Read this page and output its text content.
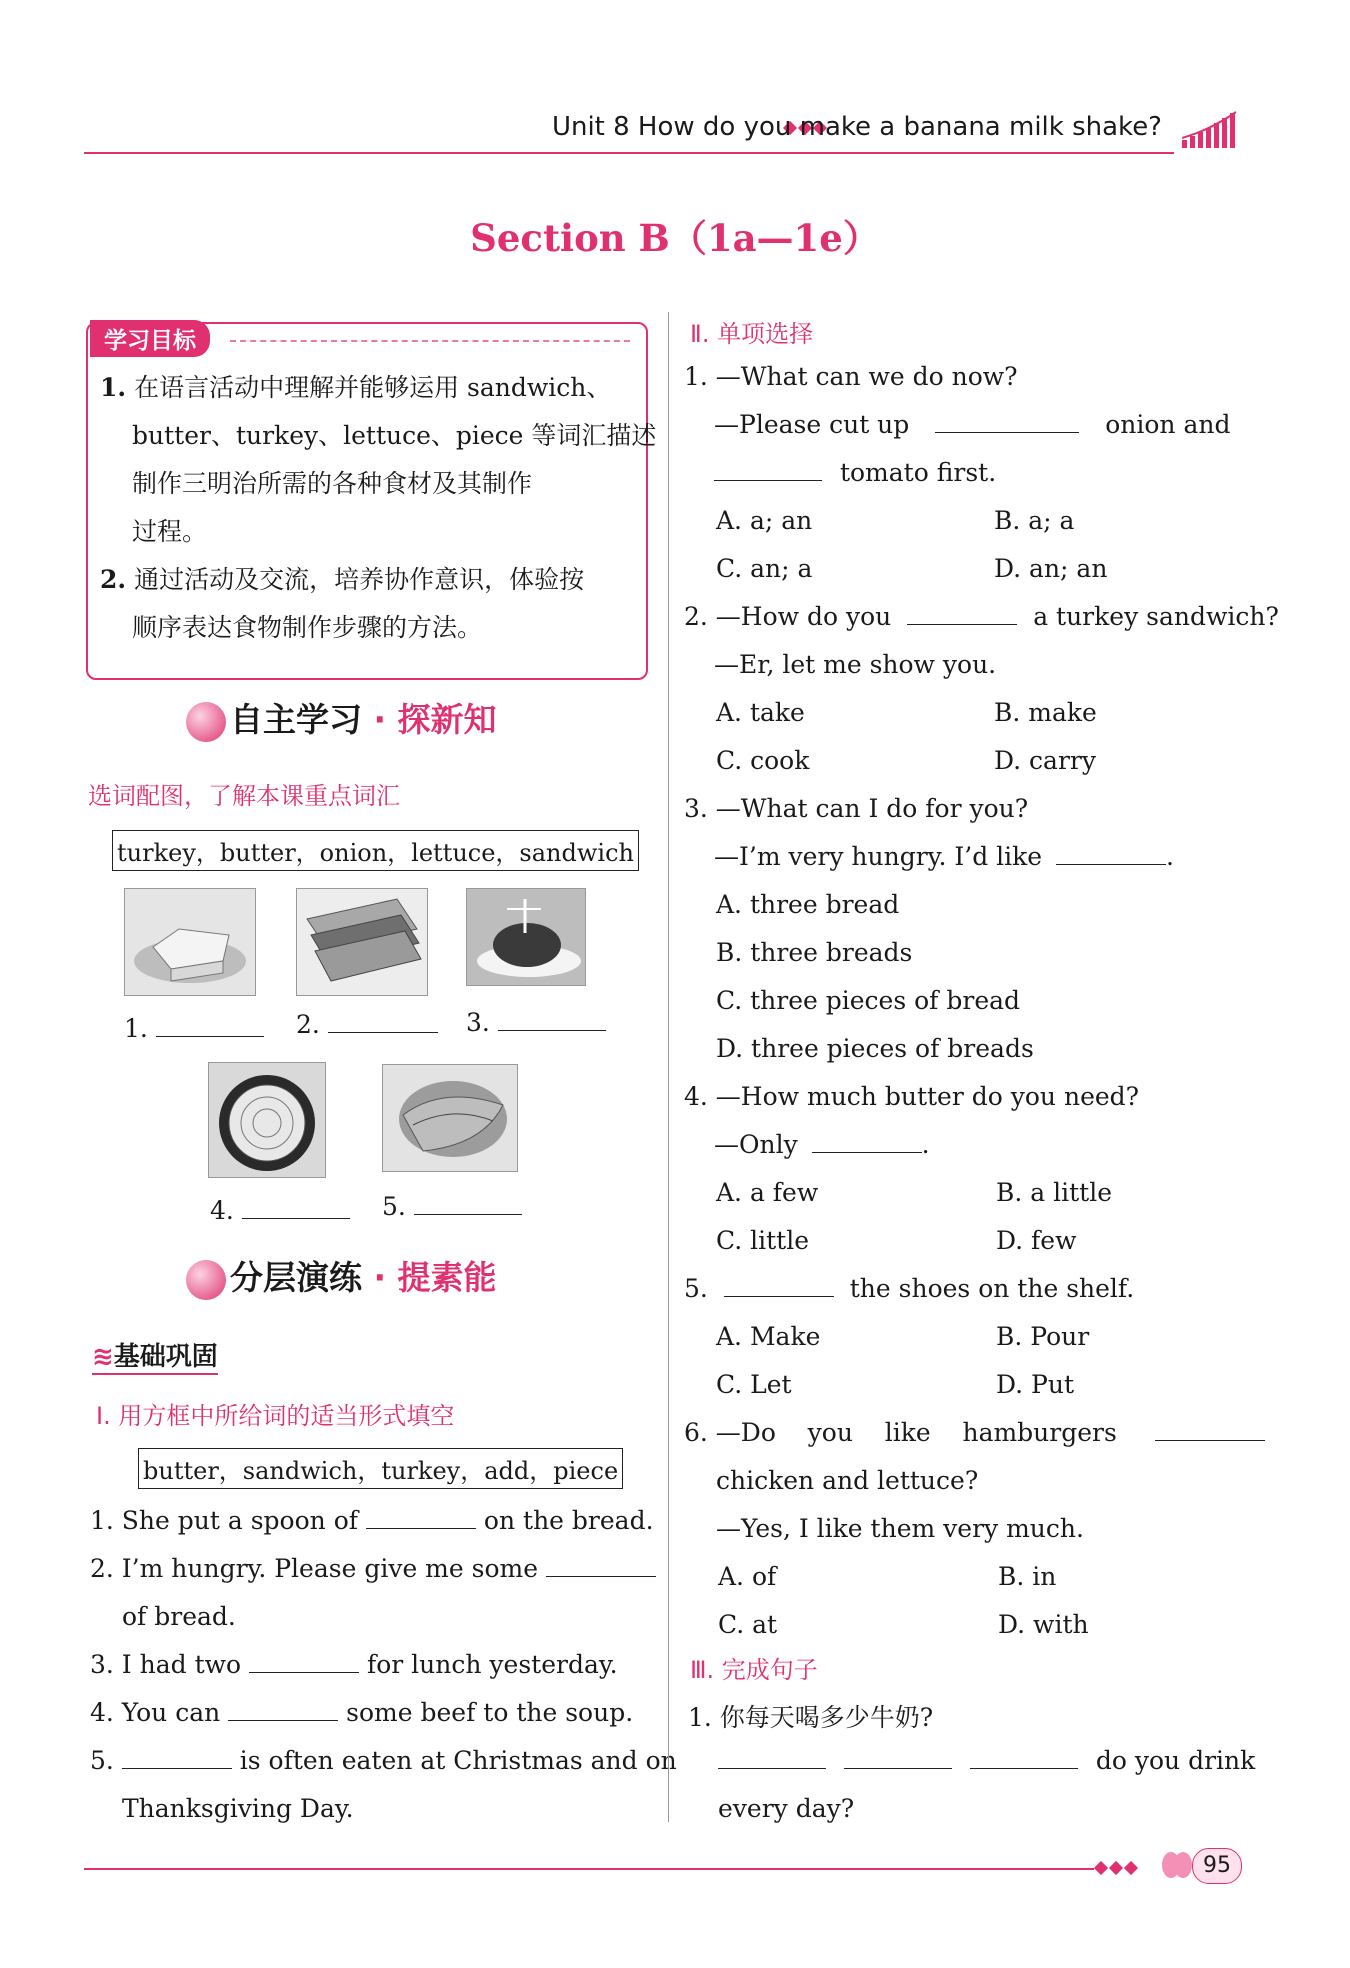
Unit 8 How do you make a banana milk shake?
Section B（1a—1e）
学习目标
1. 在语言活动中理解并能够运用 sandwich、
butter、turkey、lettuce、piece 等词汇描述
制作三明治所需的各种食材及其制作
过程。
2. 通过活动及交流，培养协作意识，体验按
顺序表达食物制作步骤的方法。
自主学习 · 探新知
选词配图，了解本课重点词汇
turkey，butter，onion，lettuce，sandwich
1.	2.	3.
4.	5.
分层演练 · 提素能
≋基础巩固
Ⅰ. 用方框中所给词的适当形式填空
butter，sandwich，turkey，add，piece
1. She put a spoon of	on the bread.
2. I’m hungry. Please give me some
of bread.
3. I had two	for lunch yesterday.
4. You can	some beef to the soup.
5.	is often eaten at Christmas and on
Thanksgiving Day.
Ⅱ. 单项选择
1. —What can we do now?
—Please cut up	onion and
tomato first.
A. a; an	B. a; a
C. an; a	D. an; an
2. —How do you	a turkey sandwich?
—Er, let me show you.
A. take	B. make
C. cook	D. carry
3. —What can I do for you?
—I’m very hungry. I’d like	.
A. three bread
B. three breads
C. three pieces of bread
D. three pieces of breads
4. —How much butter do you need?
—Only	.
A. a few	B. a little
C. little	D. few
5.	the shoes on the shelf.
A. Make	B. Pour
C. Let	D. Put
6. —Do    you    like    hamburgers
chicken and lettuce?
—Yes, I like them very much.
A. of	B. in
C. at	D. with
Ⅲ. 完成句子
1. 你每天喝多少牛奶?
do you drink
every day?
95
